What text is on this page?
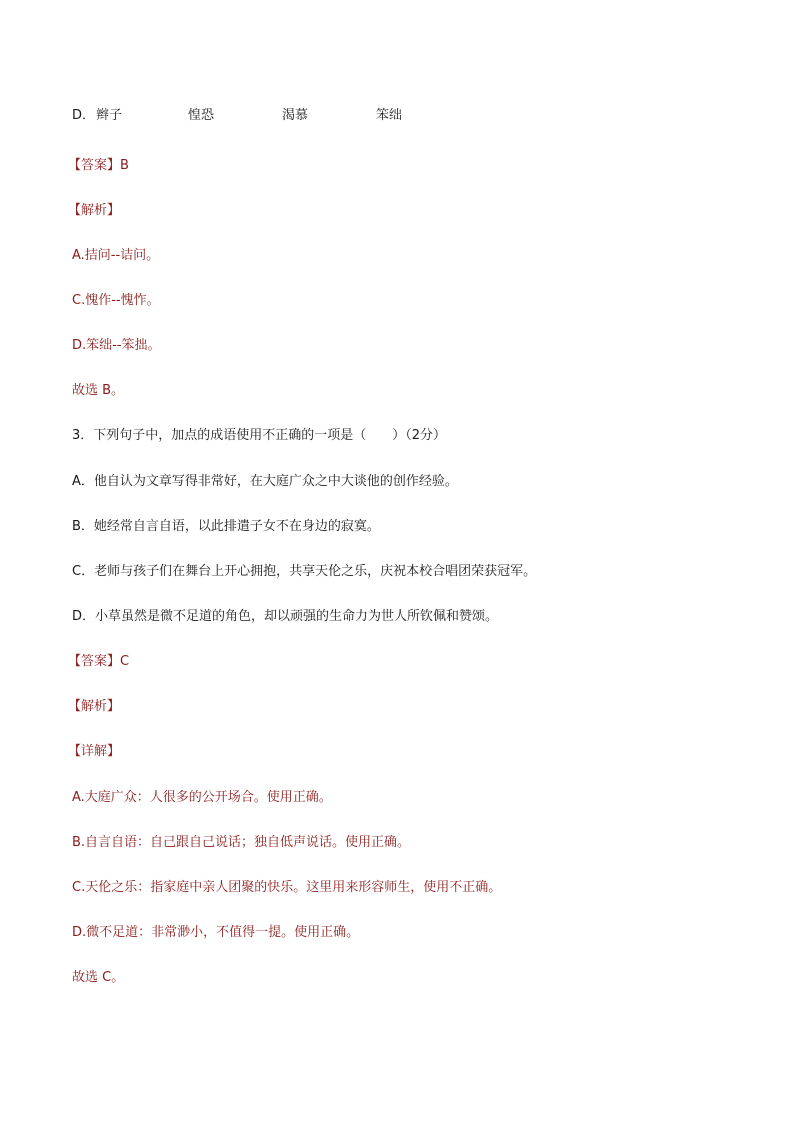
D． 辫子	惶恐	渴慕	笨绌
【答案】B
【解析】
A.拮问--诘问。
C.愧作--愧怍。
D.笨绌--笨拙。
故选 B。
3．下列句子中，加点的成语使用不正确的一项是（　　）（2分）
A．他自认为文章写得非常好，在大庭广众之中大谈他的创作经验。
B．她经常自言自语，以此排遣子女不在身边的寂寞。
C．老师与孩子们在舞台上开心拥抱，共享天伦之乐，庆祝本校合唱团荣获冠军。
D．小草虽然是微不足道的角色，却以顽强的生命力为世人所钦佩和赞颂。
【答案】C
【解析】
【详解】
A.大庭广众：人很多的公开场合。使用正确。
B.自言自语：自己跟自己说话；独自低声说话。使用正确。
C.天伦之乐：指家庭中亲人团聚的快乐。这里用来形容师生，使用不正确。
D.微不足道：非常渺小，不值得一提。使用正确。
故选 C。
